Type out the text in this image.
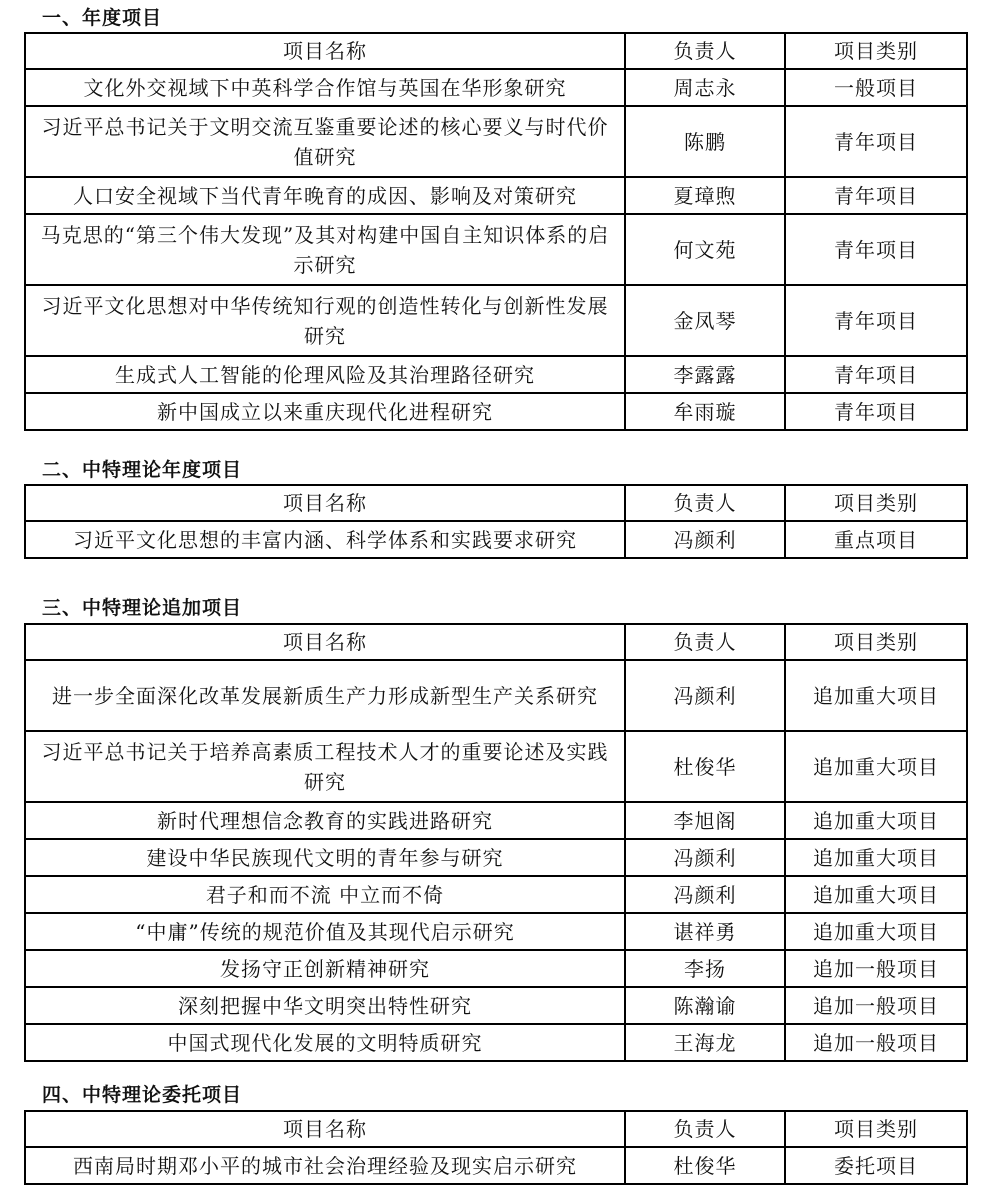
一、年度项目
项目名称	负责人	项目类别
文化外交视域下中英科学合作馆与英国在华形象研究	周志永	一般项目
习近平总书记关于文明交流互鉴重要论述的核心要义与时代价值研究	陈鹏	青年项目
人口安全视域下当代青年晚育的成因、影响及对策研究	夏璋煦	青年项目
马克思的“第三个伟大发现”及其对构建中国自主知识体系的启示研究	何文苑	青年项目
习近平文化思想对中华传统知行观的创造性转化与创新性发展研究	金凤琴	青年项目
生成式人工智能的伦理风险及其治理路径研究	李露露	青年项目
新中国成立以来重庆现代化进程研究	牟雨璇	青年项目
二、中特理论年度项目
项目名称	负责人	项目类别
习近平文化思想的丰富内涵、科学体系和实践要求研究	冯颜利	重点项目
三、中特理论追加项目
项目名称	负责人	项目类别
进一步全面深化改革发展新质生产力形成新型生产关系研究	冯颜利	追加重大项目
习近平总书记关于培养高素质工程技术人才的重要论述及实践研究	杜俊华	追加重大项目
新时代理想信念教育的实践进路研究	李旭阁	追加重大项目
建设中华民族现代文明的青年参与研究	冯颜利	追加重大项目
君子和而不流 中立而不倚	冯颜利	追加重大项目
“中庸”传统的规范价值及其现代启示研究	谌祥勇	追加重大项目
发扬守正创新精神研究	李扬	追加一般项目
深刻把握中华文明突出特性研究	陈瀚谕	追加一般项目
中国式现代化发展的文明特质研究	王海龙	追加一般项目
四、中特理论委托项目
项目名称	负责人	项目类别
西南局时期邓小平的城市社会治理经验及现实启示研究	杜俊华	委托项目
